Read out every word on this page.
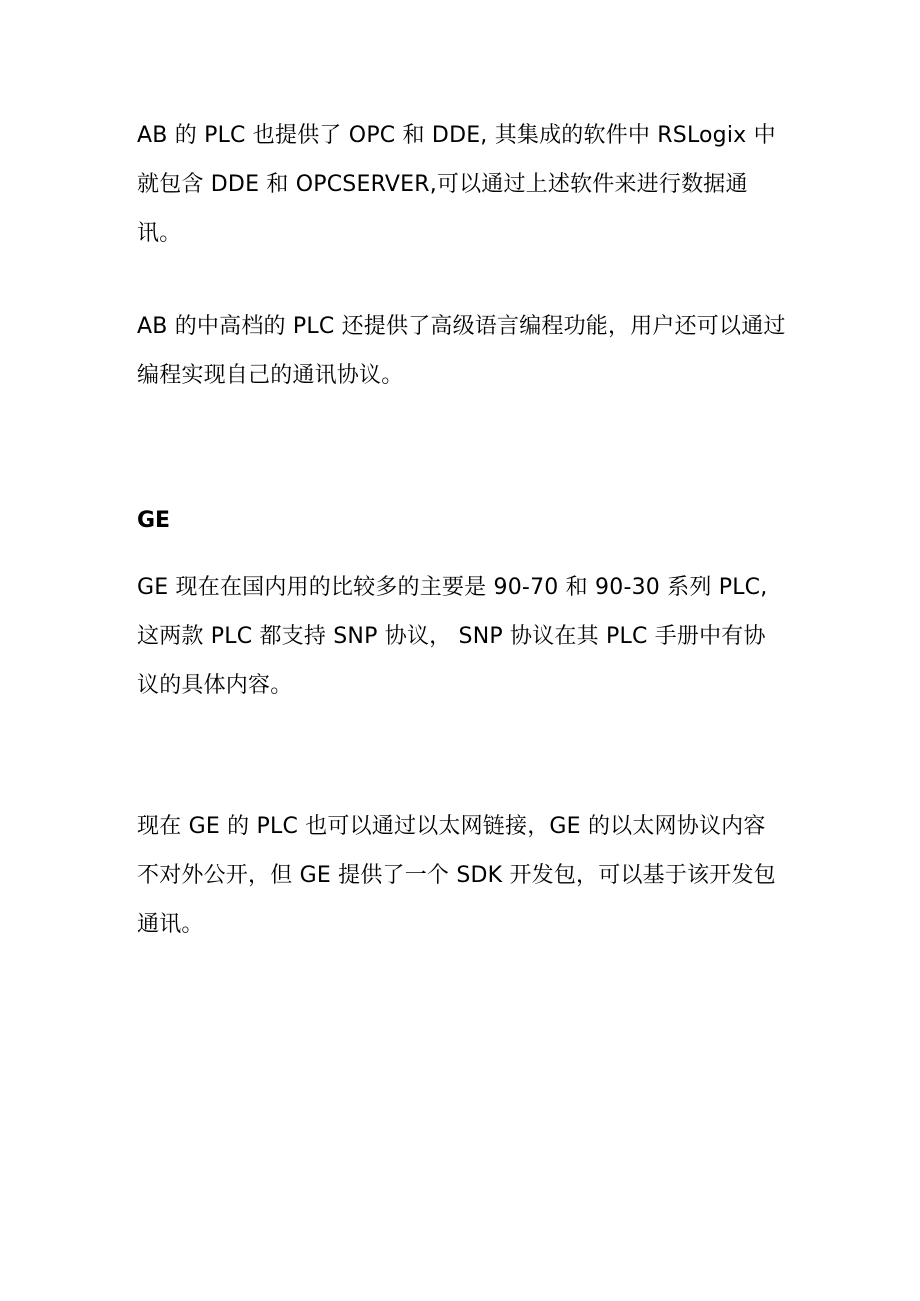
AB 的 PLC 也提供了 OPC 和 DDE, 其集成的软件中 RSLogix 中就包含 DDE 和 OPCSERVER,可以通过上述软件来进行数据通讯。

AB 的中高档的 PLC 还提供了高级语言编程功能，用户还可以通过编程实现自己的通讯协议。

GE

GE 现在在国内用的比较多的主要是 90-70 和 90-30 系列 PLC,这两款 PLC 都支持 SNP 协议， SNP 协议在其 PLC 手册中有协议的具体内容。

现在 GE 的 PLC 也可以通过以太网链接，GE 的以太网协议内容不对外公开，但 GE 提供了一个 SDK 开发包，可以基于该开发包通讯。
